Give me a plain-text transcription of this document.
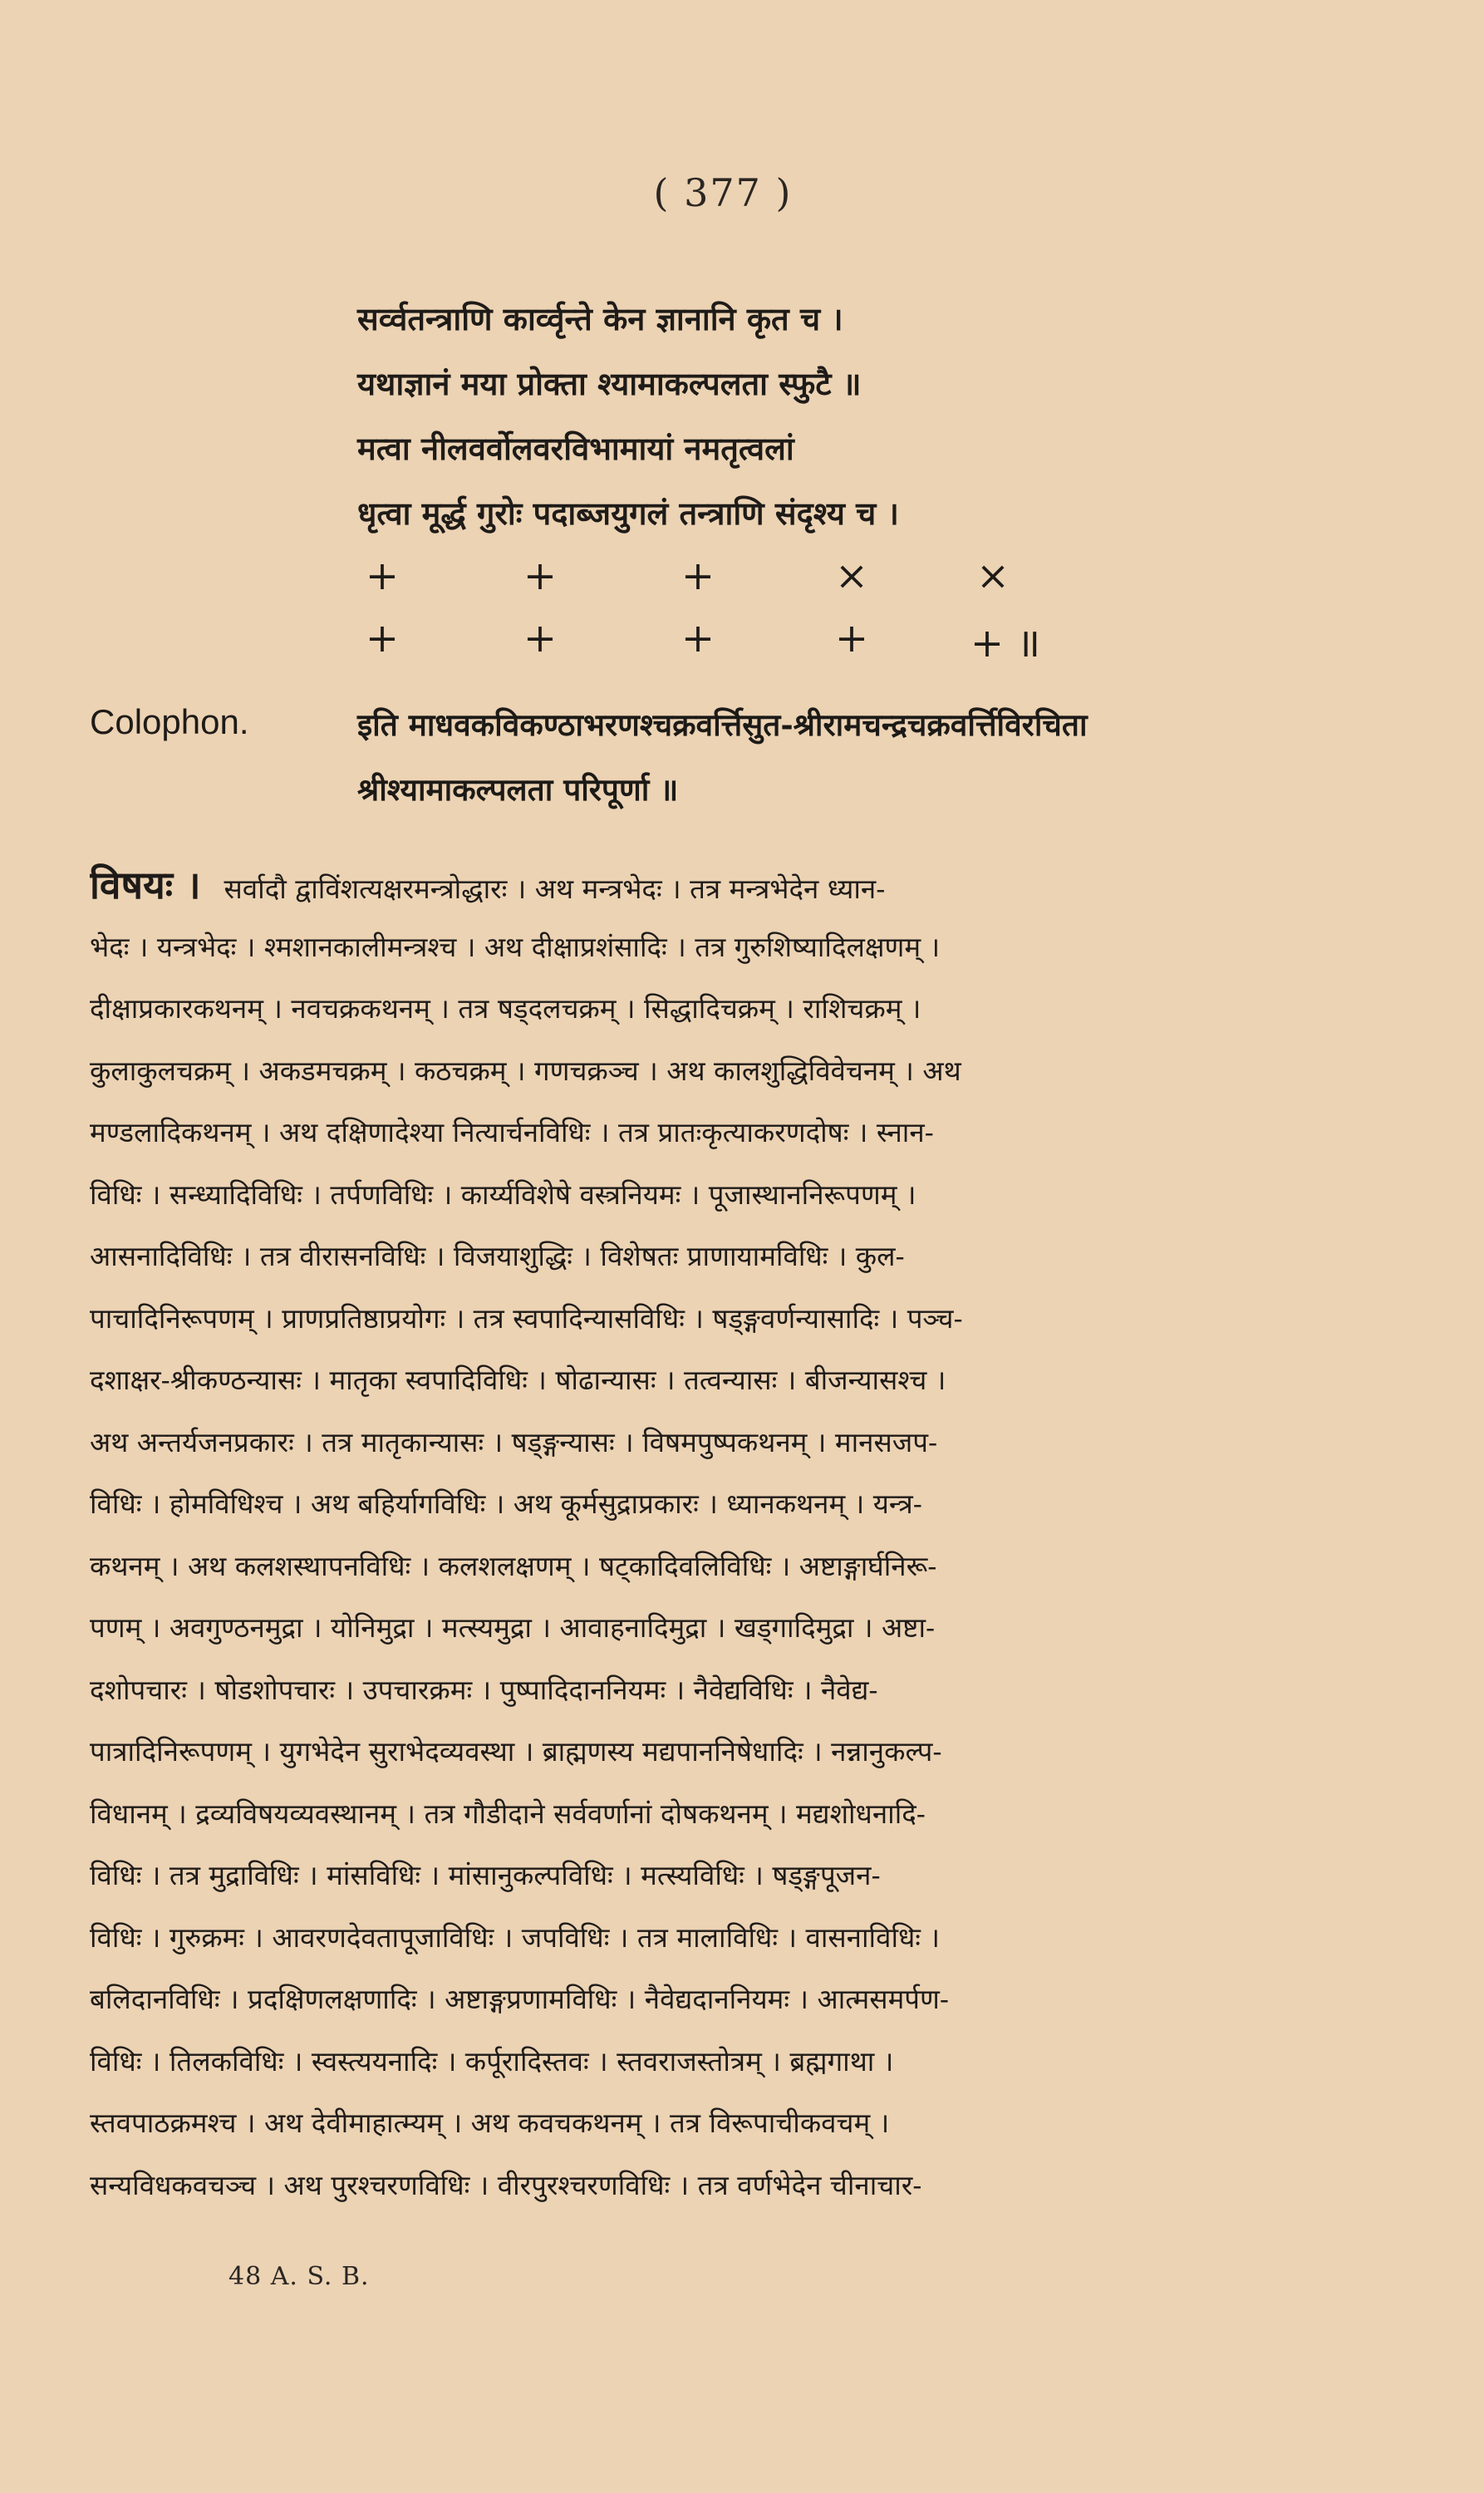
( 377 )
सर्व्वतन्त्राणि कार्व्वृन्ते केन ज्ञानानि कृत च ।
यथाज्ञानं मया प्रोक्ता श्यामाकल्पलता स्फुटै ॥
मत्वा नीलवर्वोलवरविभामायां नमतृत्वलां
धृत्वा मूर्द्ध गुरोः पदाब्जयुगलं तन्त्राणि संदृश्य च ।
+	+	+	×	×
+	+	+	+	+ ॥
Colophon.	इति माधवकविकण्ठाभरणश्चक्रवर्त्तिसुत-श्रीरामचन्द्रचक्रवर्त्तिविरचिता
श्रीश्यामाकल्पलता परिपूर्णा ॥
विषयः । सर्वादौ द्वाविंशत्यक्षरमन्त्रोद्धारः । अथ मन्त्रभेदः । तत्र मन्त्रभेदेन ध्यान-
भेदः । यन्त्रभेदः । श्मशानकालीमन्त्रश्च । अथ दीक्षाप्रशंसादिः । तत्र गुरुशिष्यादिलक्षणम् ।
दीक्षाप्रकारकथनम् । नवचक्रकथनम् । तत्र षड्दलचक्रम् । सिद्धादिचक्रम् । राशिचक्रम् ।
कुलाकुलचक्रम् । अकडमचक्रम् । कठचक्रम् । गणचक्रञ्च । अथ कालशुद्धिविवेचनम् । अथ
मण्डलादिकथनम् । अथ दक्षिणादेश्या नित्यार्चनविधिः । तत्र प्रातःकृत्याकरणदोषः । स्नान-
विधिः । सन्ध्यादिविधिः । तर्पणविधिः । कार्य्यविशेषे वस्त्रनियमः । पूजास्थाननिरूपणम् ।
आसनादिविधिः । तत्र वीरासनविधिः । विजयाशुद्धिः । विशेषतः प्राणायामविधिः । कुल-
पाचादिनिरूपणम् । प्राणप्रतिष्ठाप्रयोगः । तत्र स्वपादिन्यासविधिः । षड्ङ्गवर्णन्यासादिः । पञ्च-
दशाक्षर-श्रीकण्ठन्यासः । मातृका स्वपादिविधिः । षोढान्यासः । तत्वन्यासः । बीजन्यासश्च ।
अथ अन्तर्यजनप्रकारः । तत्र मातृकान्यासः । षड्ङ्गन्यासः । विषमपुष्पकथनम् । मानसजप-
विधिः । होमविधिश्च । अथ बहिर्यागविधिः । अथ कूर्मसुद्राप्रकारः । ध्यानकथनम् । यन्त्र-
कथनम् । अथ कलशस्थापनविधिः । कलशलक्षणम् । षट्कादिवलिविधिः । अष्टाङ्गार्घनिरू-
पणम् । अवगुण्ठनमुद्रा । योनिमुद्रा । मत्स्यमुद्रा । आवाहनादिमुद्रा । खड्गादिमुद्रा । अष्टा-
दशोपचारः । षोडशोपचारः । उपचारक्रमः । पुष्पादिदाननियमः । नैवेद्यविधिः । नैवेद्य-
पात्रादिनिरूपणम् । युगभेदेन सुराभेदव्यवस्था । ब्राह्मणस्य मद्यपाननिषेधादिः । नन्नानुकल्प-
विधानम् । द्रव्यविषयव्यवस्थानम् । तत्र गौडीदाने सर्ववर्णानां दोषकथनम् । मद्यशोधनादि-
विधिः । तत्र मुद्राविधिः । मांसविधिः । मांसानुकल्पविधिः । मत्स्यविधिः । षड्ङ्गपूजन-
विधिः । गुरुक्रमः । आवरणदेवतापूजाविधिः । जपविधिः । तत्र मालाविधिः । वासनाविधिः ।
बलिदानविधिः । प्रदक्षिणलक्षणादिः । अष्टाङ्गप्रणामविधिः । नैवेद्यदाननियमः । आत्मसमर्पण-
विधिः । तिलकविधिः । स्वस्त्ययनादिः । कर्पूरादिस्तवः । स्तवराजस्तोत्रम् । ब्रह्मगाथा ।
स्तवपाठक्रमश्च । अथ देवीमाहात्म्यम् । अथ कवचकथनम् । तत्र विरूपाचीकवचम् ।
सन्यविधकवचञ्च । अथ पुरश्चरणविधिः । वीरपुरश्चरणविधिः । तत्र वर्णभेदेन चीनाचार-
48 A. S. B.
